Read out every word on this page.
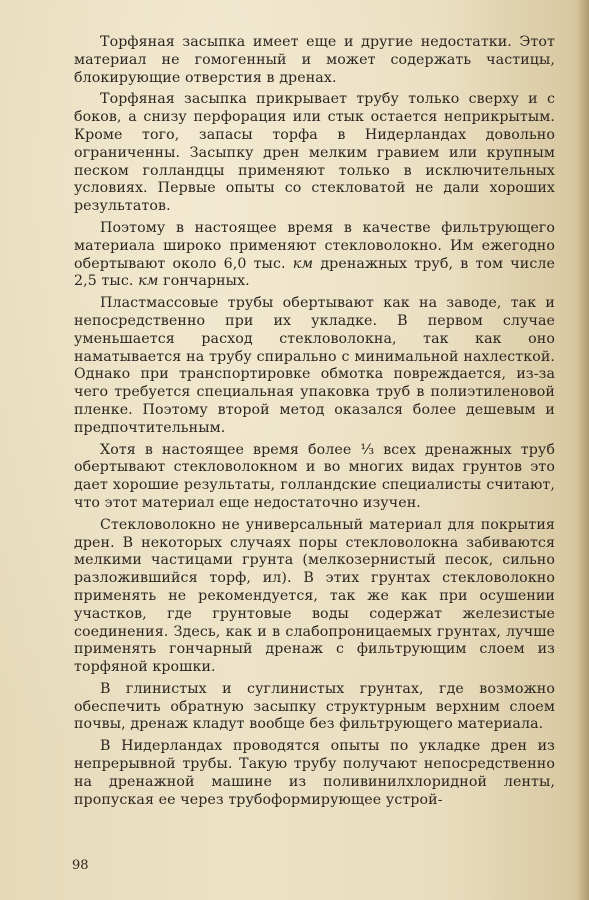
Торфяная засыпка имеет еще и другие недостатки. Этот материал не гомогенный и может содержать частицы, блокирующие отверстия в дренах.

Торфяная засыпка прикрывает трубу только сверху и с боков, а снизу перфорация или стык остается неприкрытым. Кроме того, запасы торфа в Нидерландах довольно ограниченны. Засыпку дрен мелким гравием или крупным песком голландцы применяют только в исключительных условиях. Первые опыты со стекловатой не дали хороших результатов.

Поэтому в настоящее время в качестве фильтрующего материала широко применяют стекловолокно. Им ежегодно обертывают около 6,0 тыс. км дренажных труб, в том числе 2,5 тыс. км гончарных.

Пластмассовые трубы обертывают как на заводе, так и непосредственно при их укладке. В первом случае уменьшается расход стекловолокна, так как оно наматывается на трубу спирально с минимальной нахлесткой. Однако при транспортировке обмотка повреждается, из-за чего требуется специальная упаковка труб в полиэтиленовой пленке. Поэтому второй метод оказался более дешевым и предпочтительным.

Хотя в настоящее время более ⅓ всех дренажных труб обертывают стекловолокном и во многих видах грунтов это дает хорошие результаты, голландские специалисты считают, что этот материал еще недостаточно изучен.

Стекловолокно не универсальный материал для покрытия дрен. В некоторых случаях поры стекловолокна забиваются мелкими частицами грунта (мелкозернистый песок, сильно разложившийся торф, ил). В этих грунтах стекловолокно применять не рекомендуется, так же как при осушении участков, где грунтовые воды содержат железистые соединения. Здесь, как и в слабопроницаемых грунтах, лучше применять гончарный дренаж с фильтрующим слоем из торфяной крошки.

В глинистых и суглинистых грунтах, где возможно обеспечить обратную засыпку структурным верхним слоем почвы, дренаж кладут вообще без фильтрующего материала.

В Нидерландах проводятся опыты по укладке дрен из непрерывной трубы. Такую трубу получают непосредственно на дренажной машине из поливинилхлоридной ленты, пропуская ее через трубоформирующее устрой-

98
